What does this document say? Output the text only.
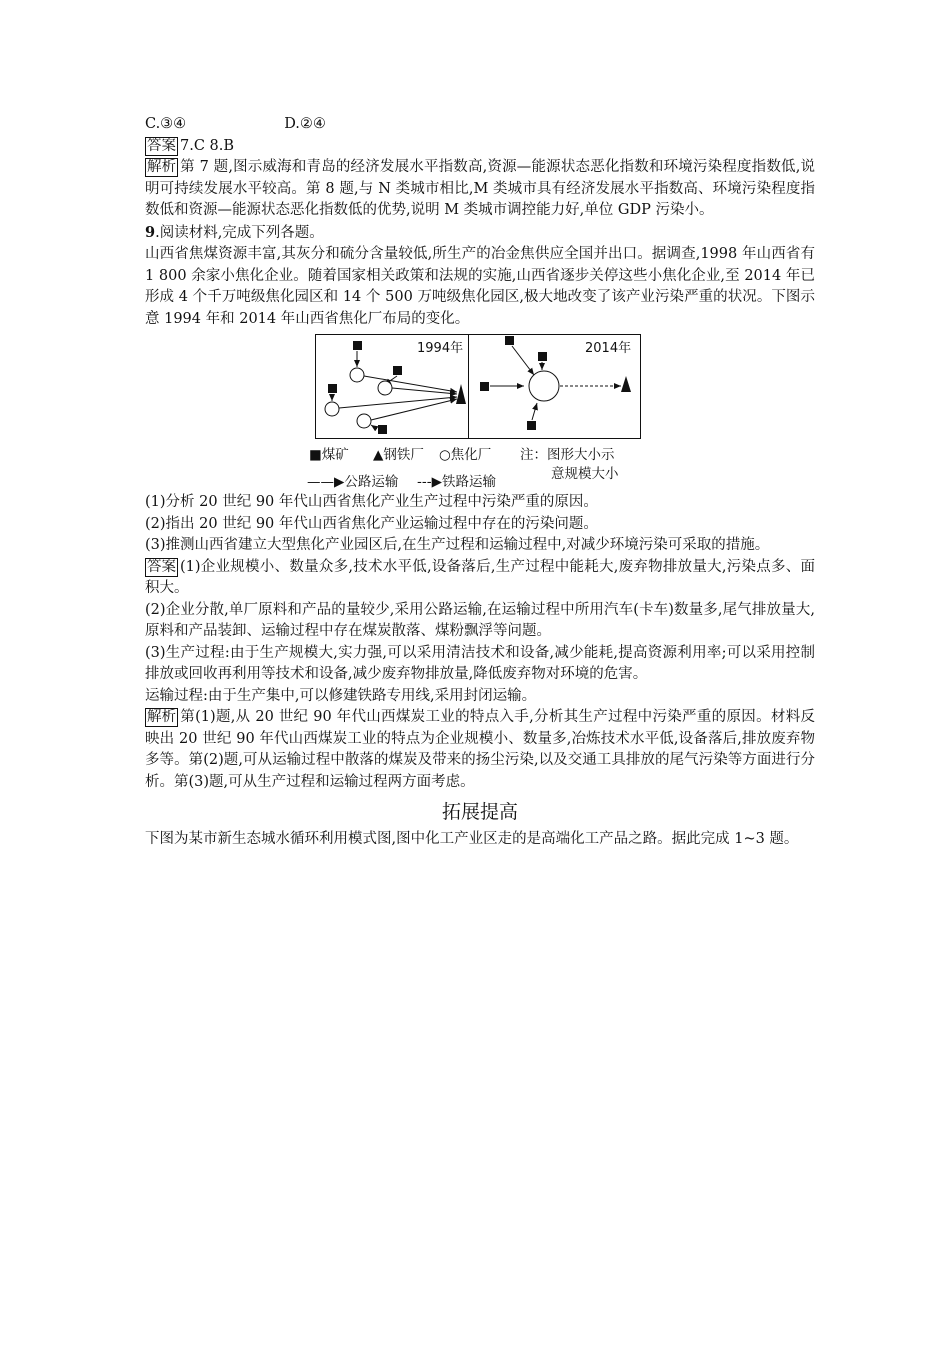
C.③④	D.②④
答案 7.C 8.B
解析 第 7 题,图示威海和青岛的经济发展水平指数高,资源—能源状态恶化指数和环境污染程度指数低,说明可持续发展水平较高。第 8 题,与 N 类城市相比,M 类城市具有经济发展水平指数高、环境污染程度指数低和资源—能源状态恶化指数低的优势,说明 M 类城市调控能力好,单位 GDP 污染小。
9.阅读材料,完成下列各题。
山西省焦煤资源丰富,其灰分和硫分含量较低,所生产的冶金焦供应全国并出口。据调查,1998 年山西省有 1 800 余家小焦化企业。随着国家相关政策和法规的实施,山西省逐步关停这些小焦化企业,至 2014 年已形成 4 个千万吨级焦化园区和 14 个 500 万吨级焦化园区,极大地改变了该产业污染严重的状况。下图示意 1994 年和 2014 年山西省焦化厂布局的变化。
1994年	2014年
■煤矿 ▲钢铁厂 ○焦化厂 注：图形大小示
意规模大小
——▶公路运输 ---▶铁路运输
(1)分析 20 世纪 90 年代山西省焦化产业生产过程中污染严重的原因。
(2)指出 20 世纪 90 年代山西省焦化产业运输过程中存在的污染问题。
(3)推测山西省建立大型焦化产业园区后,在生产过程和运输过程中,对减少环境污染可采取的措施。
答案 (1)企业规模小、数量众多,技术水平低,设备落后,生产过程中能耗大,废弃物排放量大,污染点多、面积大。
(2)企业分散,单厂原料和产品的量较少,采用公路运输,在运输过程中所用汽车(卡车)数量多,尾气排放量大,原料和产品装卸、运输过程中存在煤炭散落、煤粉飘浮等问题。
(3)生产过程:由于生产规模大,实力强,可以采用清洁技术和设备,减少能耗,提高资源利用率;可以采用控制排放或回收再利用等技术和设备,减少废弃物排放量,降低废弃物对环境的危害。
运输过程:由于生产集中,可以修建铁路专用线,采用封闭运输。
解析 第(1)题,从 20 世纪 90 年代山西煤炭工业的特点入手,分析其生产过程中污染严重的原因。材料反映出 20 世纪 90 年代山西煤炭工业的特点为企业规模小、数量多,冶炼技术水平低,设备落后,排放废弃物多等。第(2)题,可从运输过程中散落的煤炭及带来的扬尘污染,以及交通工具排放的尾气污染等方面进行分析。第(3)题,可从生产过程和运输过程两方面考虑。
拓展提高
下图为某市新生态城水循环利用模式图,图中化工产业区走的是高端化工产品之路。据此完成 1~3 题。
